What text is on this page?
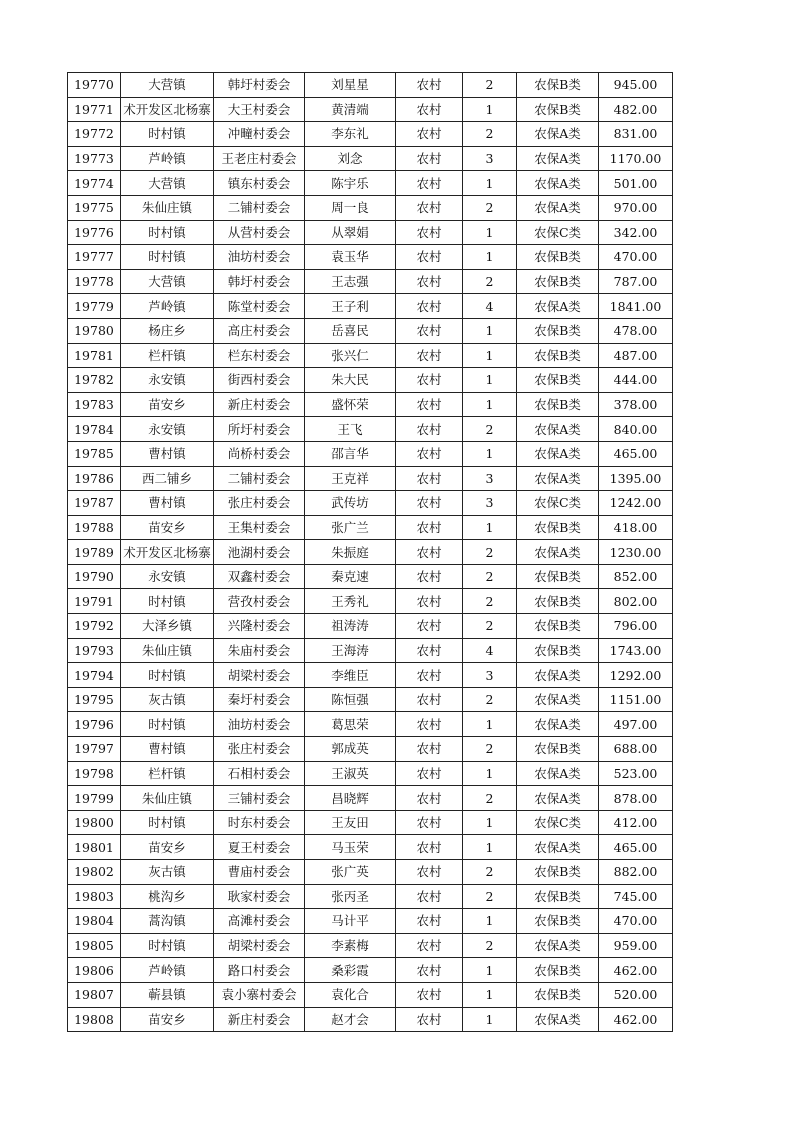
19770	大营镇	韩圩村委会	刘星星	农村	2	农保B类	945.00
19771	术开发区北杨寨	大王村委会	黄清端	农村	1	农保B类	482.00
19772	时村镇	冲疃村委会	李东礼	农村	2	农保A类	831.00
19773	芦岭镇	王老庄村委会	刘念	农村	3	农保A类	1170.00
19774	大营镇	镇东村委会	陈宇乐	农村	1	农保A类	501.00
19775	朱仙庄镇	二铺村委会	周一良	农村	2	农保A类	970.00
19776	时村镇	从营村委会	从翠娟	农村	1	农保C类	342.00
19777	时村镇	油坊村委会	袁玉华	农村	1	农保B类	470.00
19778	大营镇	韩圩村委会	王志强	农村	2	农保B类	787.00
19779	芦岭镇	陈堂村委会	王子利	农村	4	农保A类	1841.00
19780	杨庄乡	高庄村委会	岳喜民	农村	1	农保B类	478.00
19781	栏杆镇	栏东村委会	张兴仁	农村	1	农保B类	487.00
19782	永安镇	街西村委会	朱大民	农村	1	农保B类	444.00
19783	苗安乡	新庄村委会	盛怀荣	农村	1	农保B类	378.00
19784	永安镇	所圩村委会	王飞	农村	2	农保A类	840.00
19785	曹村镇	尚桥村委会	邵言华	农村	1	农保A类	465.00
19786	西二铺乡	二铺村委会	王克祥	农村	3	农保A类	1395.00
19787	曹村镇	张庄村委会	武传坊	农村	3	农保C类	1242.00
19788	苗安乡	王集村委会	张广兰	农村	1	农保B类	418.00
19789	术开发区北杨寨	池湖村委会	朱振庭	农村	2	农保A类	1230.00
19790	永安镇	双鑫村委会	秦克速	农村	2	农保B类	852.00
19791	时村镇	营孜村委会	王秀礼	农村	2	农保B类	802.00
19792	大泽乡镇	兴隆村委会	祖涛涛	农村	2	农保B类	796.00
19793	朱仙庄镇	朱庙村委会	王海涛	农村	4	农保B类	1743.00
19794	时村镇	胡梁村委会	李维臣	农村	3	农保A类	1292.00
19795	灰古镇	秦圩村委会	陈恒强	农村	2	农保A类	1151.00
19796	时村镇	油坊村委会	葛思荣	农村	1	农保A类	497.00
19797	曹村镇	张庄村委会	郭成英	农村	2	农保B类	688.00
19798	栏杆镇	石相村委会	王淑英	农村	1	农保A类	523.00
19799	朱仙庄镇	三铺村委会	昌晓辉	农村	2	农保A类	878.00
19800	时村镇	时东村委会	王友田	农村	1	农保C类	412.00
19801	苗安乡	夏王村委会	马玉荣	农村	1	农保A类	465.00
19802	灰古镇	曹庙村委会	张广英	农村	2	农保B类	882.00
19803	桃沟乡	耿家村委会	张丙圣	农村	2	农保B类	745.00
19804	蒿沟镇	高滩村委会	马计平	农村	1	农保B类	470.00
19805	时村镇	胡梁村委会	李素梅	农村	2	农保A类	959.00
19806	芦岭镇	路口村委会	桑彩霞	农村	1	农保B类	462.00
19807	蕲县镇	袁小寨村委会	袁化合	农村	1	农保B类	520.00
19808	苗安乡	新庄村委会	赵才会	农村	1	农保A类	462.00
